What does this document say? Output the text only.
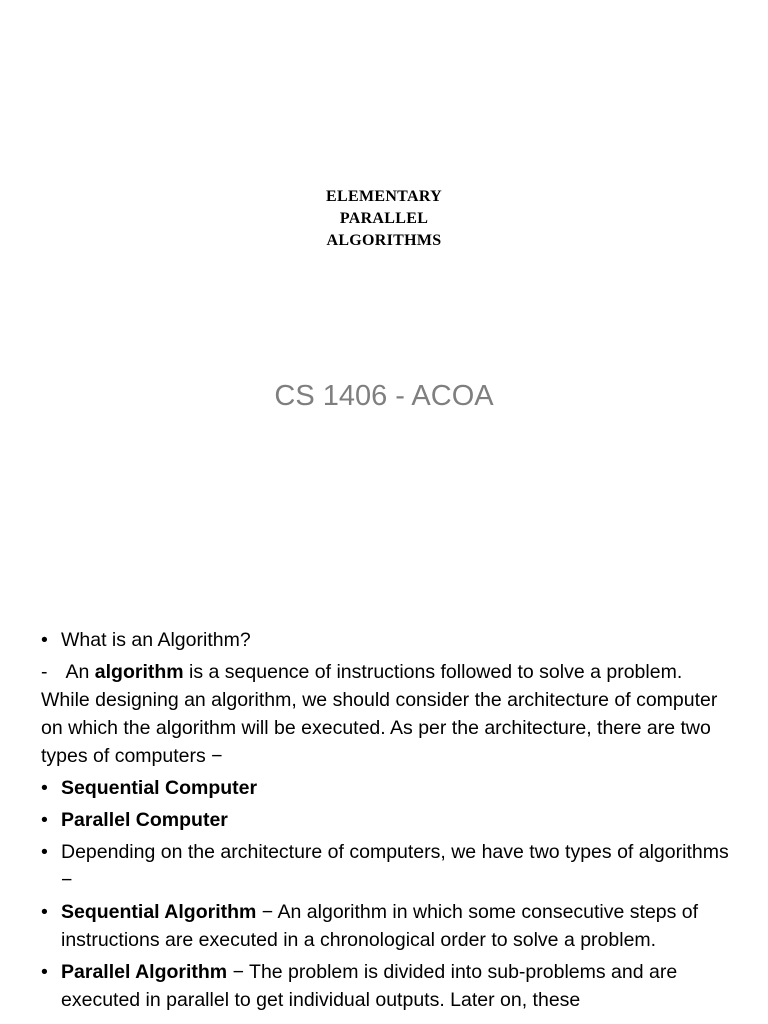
ELEMENTARY
PARALLEL
ALGORITHMS
CS 1406 - ACOA
• What is an Algorithm?
- An algorithm is a sequence of instructions followed to solve a problem. While designing an algorithm, we should consider the architecture of computer on which the algorithm will be executed. As per the architecture, there are two types of computers −
• Sequential Computer
• Parallel Computer
• Depending on the architecture of computers, we have two types of algorithms −
• Sequential Algorithm − An algorithm in which some consecutive steps of instructions are executed in a chronological order to solve a problem.
• Parallel Algorithm − The problem is divided into sub-problems and are executed in parallel to get individual outputs. Later on, these
